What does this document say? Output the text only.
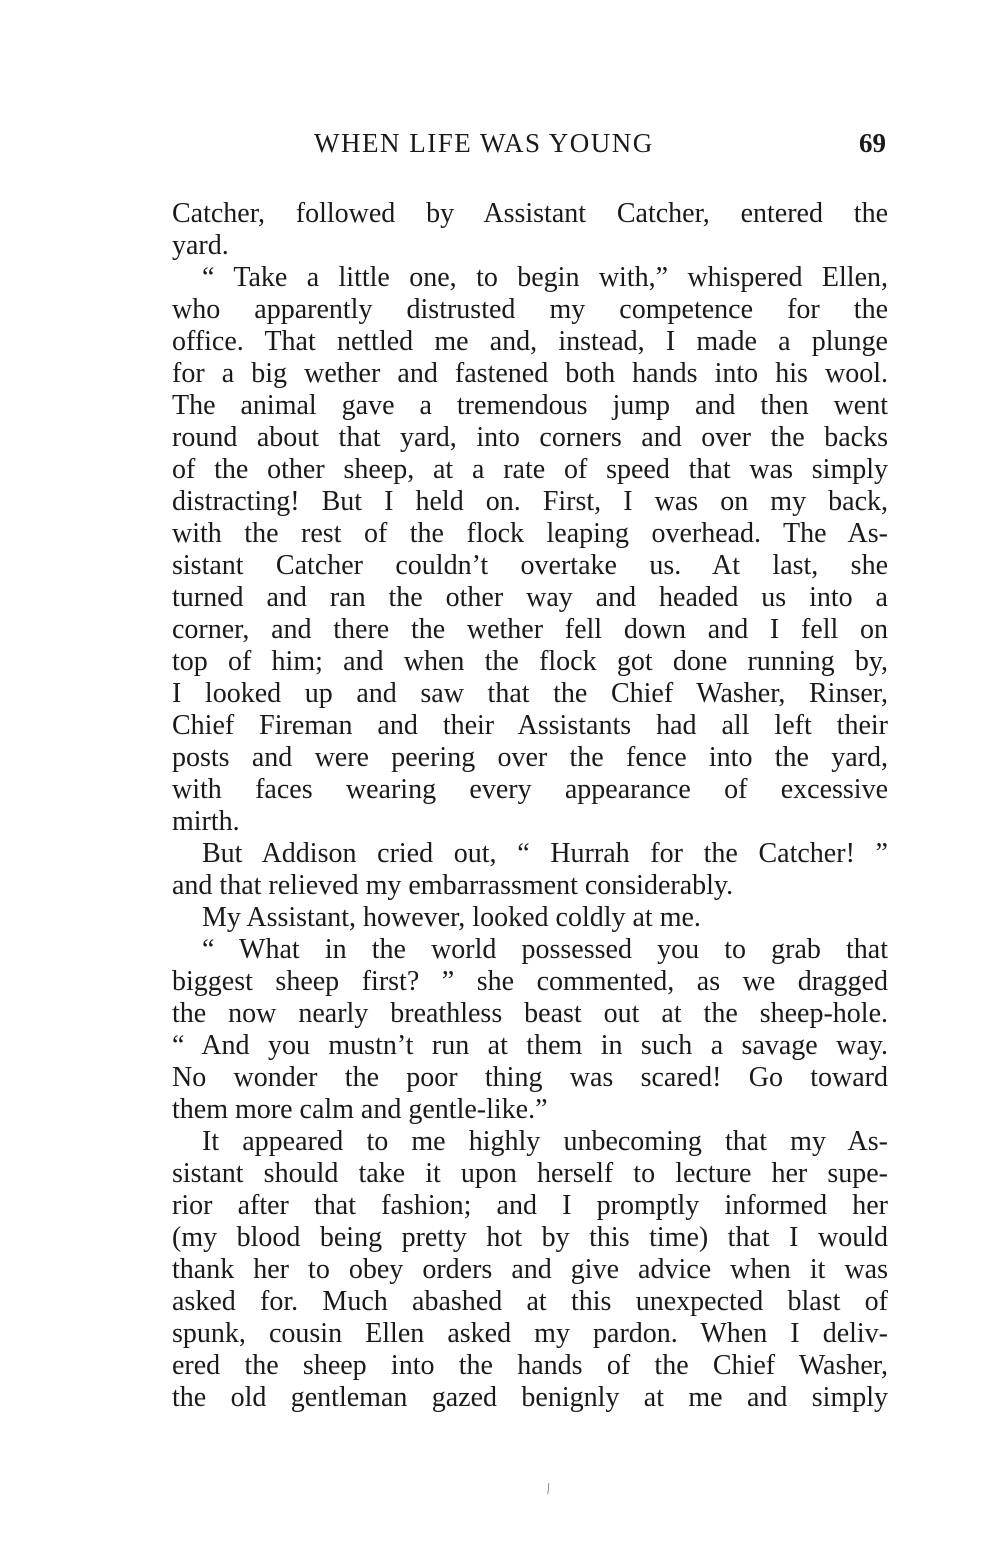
WHEN LIFE WAS YOUNG	69
Catcher, followed by Assistant Catcher, entered the
yard.
“ Take a little one, to begin with,” whispered Ellen,
who apparently distrusted my competence for the
office. That nettled me and, instead, I made a plunge
for a big wether and fastened both hands into his wool.
The animal gave a tremendous jump and then went
round about that yard, into corners and over the backs
of the other sheep, at a rate of speed that was simply
distracting! But I held on. First, I was on my back,
with the rest of the flock leaping overhead. The As-
sistant Catcher couldn’t overtake us. At last, she
turned and ran the other way and headed us into a
corner, and there the wether fell down and I fell on
top of him; and when the flock got done running by,
I looked up and saw that the Chief Washer, Rinser,
Chief Fireman and their Assistants had all left their
posts and were peering over the fence into the yard,
with faces wearing every appearance of excessive
mirth.
But Addison cried out, “ Hurrah for the Catcher! ”
and that relieved my embarrassment considerably.
My Assistant, however, looked coldly at me.
“ What in the world possessed you to grab that
biggest sheep first? ” she commented, as we dragged
the now nearly breathless beast out at the sheep-hole.
“ And you mustn’t run at them in such a savage way.
No wonder the poor thing was scared! Go toward
them more calm and gentle-like.”
It appeared to me highly unbecoming that my As-
sistant should take it upon herself to lecture her supe-
rior after that fashion; and I promptly informed her
(my blood being pretty hot by this time) that I would
thank her to obey orders and give advice when it was
asked for. Much abashed at this unexpected blast of
spunk, cousin Ellen asked my pardon. When I deliv-
ered the sheep into the hands of the Chief Washer,
the old gentleman gazed benignly at me and simply
∕
